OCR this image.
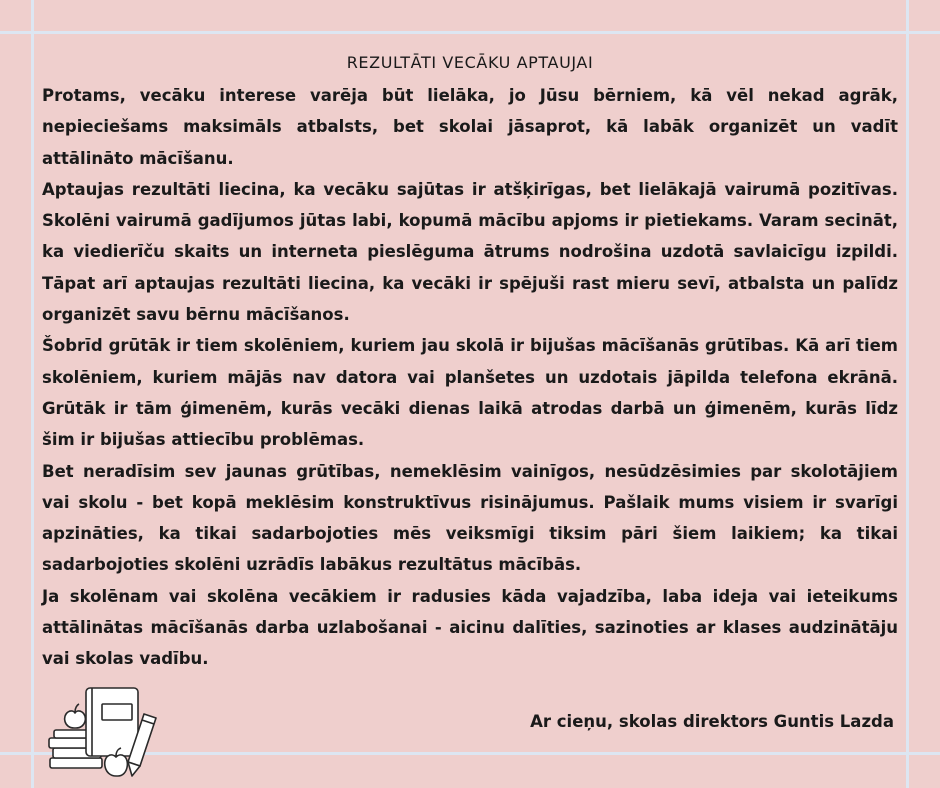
REZULTĀTI VECĀKU APTAUJAI

Protams, vecāku interese varēja būt lielāka, jo Jūsu bērniem, kā vēl nekad agrāk, nepieciešams maksimāls atbalsts, bet skolai jāsaprot, kā labāk organizēt un vadīt attālināto mācīšanu.

Aptaujas rezultāti liecina, ka vecāku sajūtas ir atšķirīgas, bet lielākajā vairumā pozitīvas. Skolēni vairumā gadījumos jūtas labi, kopumā mācību apjoms ir pietiekams. Varam secināt, ka viedierīču skaits un interneta pieslēguma ātrums nodrošina uzdotā savlaicīgu izpildi. Tāpat arī aptaujas rezultāti liecina, ka vecāki ir spējuši rast mieru sevī, atbalsta un palīdz organizēt savu bērnu mācīšanos.

Šobrīd grūtāk ir tiem skolēniem, kuriem jau skolā ir bijušas mācīšanās grūtības. Kā arī tiem skolēniem, kuriem mājās nav datora vai planšetes un uzdotais jāpilda telefona ekrānā. Grūtāk ir tām ģimenēm, kurās vecāki dienas laikā atrodas darbā un ģimenēm, kurās līdz šim ir bijušas attiecību problēmas.

Bet neradīsim sev jaunas grūtības, nemeklēsim vainīgos, nesūdzēsimies par skolotājiem vai skolu - bet kopā meklēsim konstruktīvus risinājumus. Pašlaik mums visiem ir svarīgi apzināties, ka tikai sadarbojoties mēs veiksmīgi tiksim pāri šiem laikiem; ka tikai sadarbojoties skolēni uzrādīs labākus rezultātus mācībās.

Ja skolēnam vai skolēna vecākiem ir radusies kāda vajadzība, laba ideja vai ieteikums attālinātas mācīšanās darba uzlabošanai - aicinu dalīties, sazinoties ar klases audzinātāju vai skolas vadību.

Ar cieņu, skolas direktors Guntis Lazda
